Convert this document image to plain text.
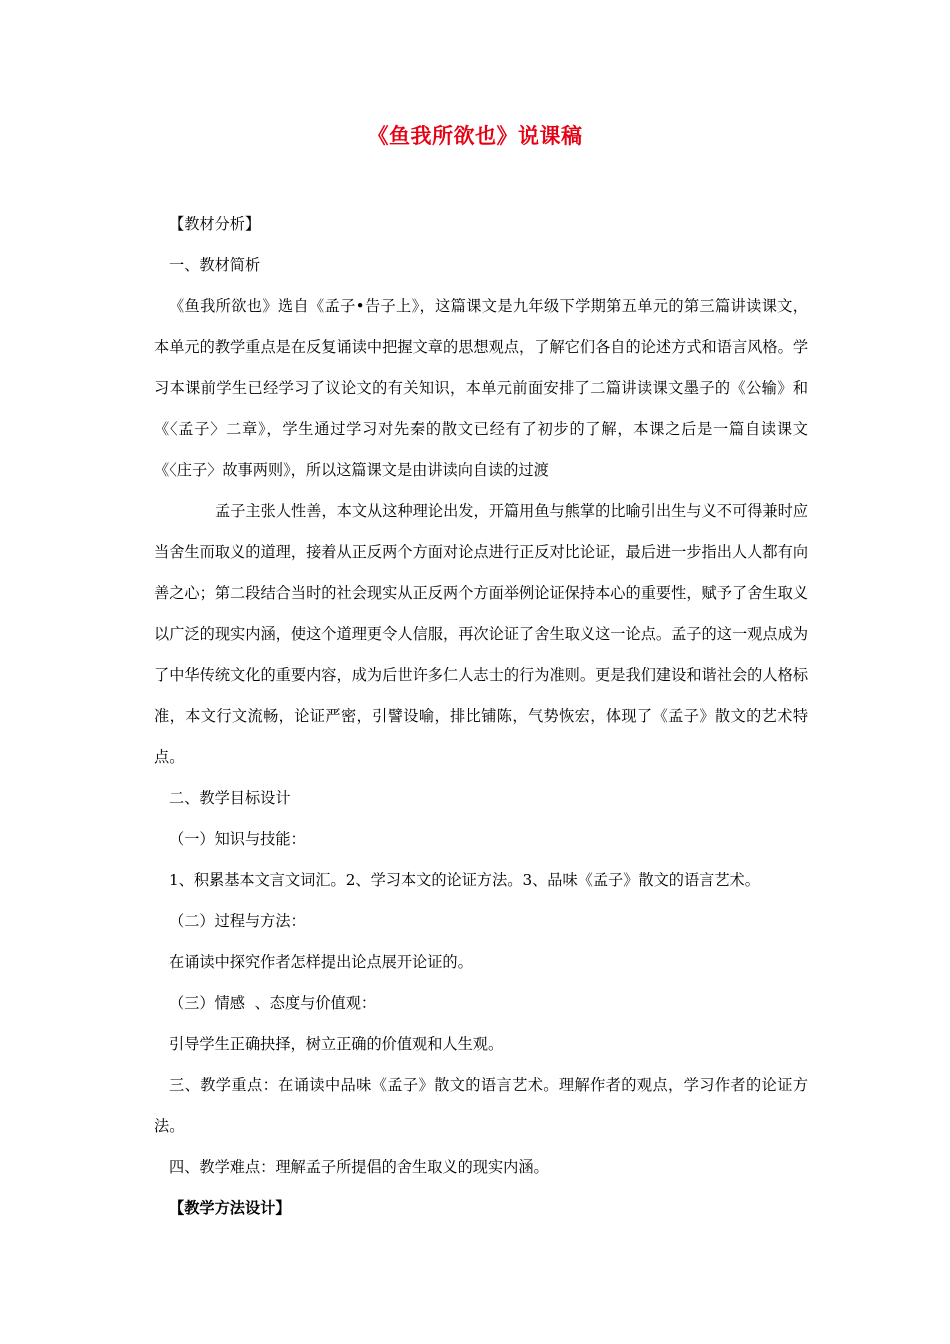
《鱼我所欲也》说课稿

【教材分析】

一、教材简析

《鱼我所欲也》选自《孟子•告子上》，这篇课文是九年级下学期第五单元的第三篇讲读课文，本单元的教学重点是在反复诵读中把握文章的思想观点，了解它们各自的论述方式和语言风格。学习本课前学生已经学习了议论文的有关知识，本单元前面安排了二篇讲读课文墨子的《公输》和《〈孟子〉二章》，学生通过学习对先秦的散文已经有了初步的了解，本课之后是一篇自读课文《〈庄子〉故事两则》，所以这篇课文是由讲读向自读的过渡

孟子主张人性善，本文从这种理论出发，开篇用鱼与熊掌的比喻引出生与义不可得兼时应当舍生而取义的道理，接着从正反两个方面对论点进行正反对比论证，最后进一步指出人人都有向善之心；第二段结合当时的社会现实从正反两个方面举例论证保持本心的重要性，赋予了舍生取义以广泛的现实内涵，使这个道理更令人信服，再次论证了舍生取义这一论点。孟子的这一观点成为了中华传统文化的重要内容，成为后世许多仁人志士的行为准则。更是我们建设和谐社会的人格标准，本文行文流畅，论证严密，引譬设喻，排比铺陈，气势恢宏，体现了《孟子》散文的艺术特点。

二、教学目标设计

（一）知识与技能：

1、积累基本文言文词汇。2、学习本文的论证方法。3、品味《孟子》散文的语言艺术。

（二）过程与方法：

在诵读中探究作者怎样提出论点展开论证的。

（三）情感  、态度与价值观：

引导学生正确抉择，树立正确的价值观和人生观。

三、教学重点：在诵读中品味《孟子》散文的语言艺术。理解作者的观点，学习作者的论证方法。

四、教学难点：理解孟子所提倡的舍生取义的现实内涵。

【教学方法设计】
